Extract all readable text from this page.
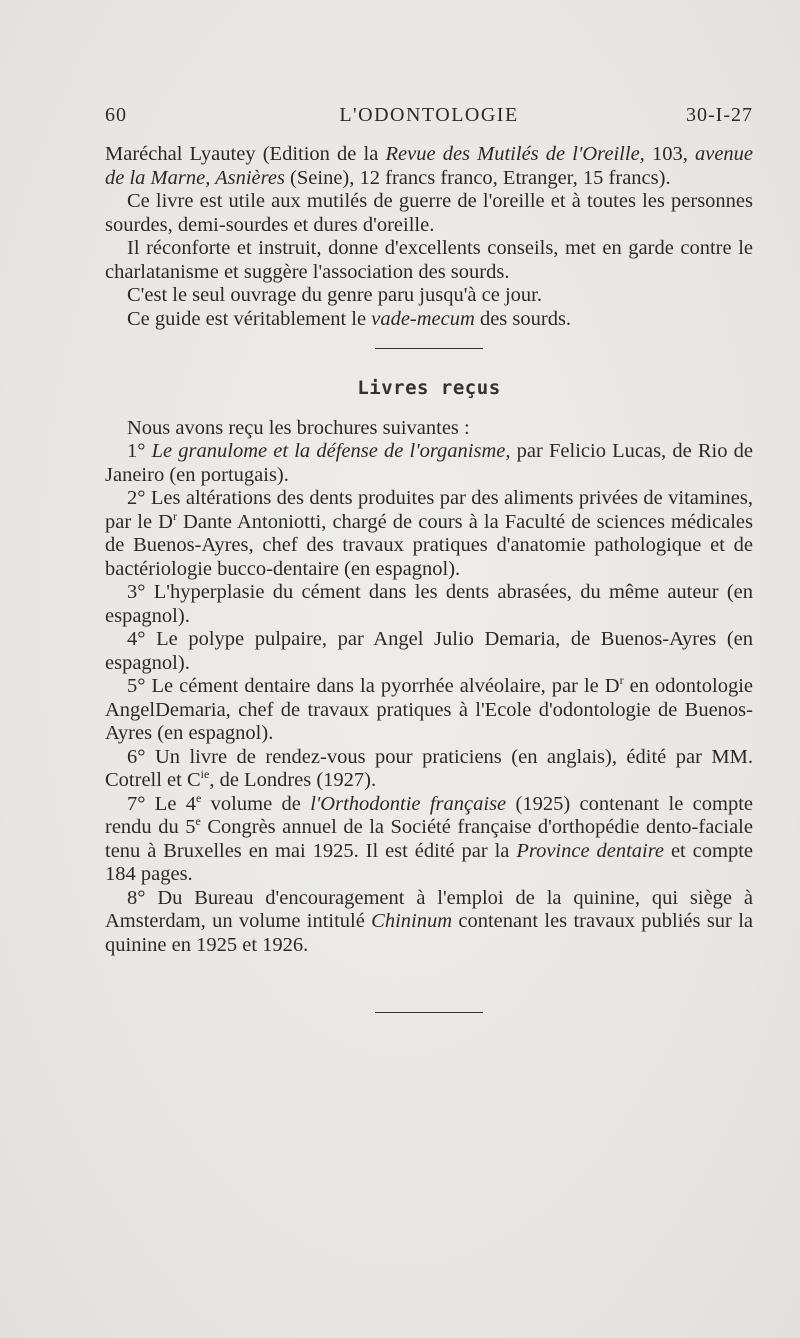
60	L'ODONTOLOGIE	30-I-27

Maréchal Lyautey (Edition de la Revue des Mutilés de l'Oreille, 103, avenue de la Marne, Asnières (Seine), 12 francs franco, Etranger, 15 francs).

Ce livre est utile aux mutilés de guerre de l'oreille et à toutes les personnes sourdes, demi-sourdes et dures d'oreille.

Il réconforte et instruit, donne d'excellents conseils, met en garde contre le charlatanisme et suggère l'association des sourds.

C'est le seul ouvrage du genre paru jusqu'à ce jour.

Ce guide est véritablement le vade-mecum des sourds.

Livres reçus

Nous avons reçu les brochures suivantes :

1° Le granulome et la défense de l'organisme, par Felicio Lucas, de Rio de Janeiro (en portugais).

2° Les altérations des dents produites par des aliments privées de vitamines, par le $D^r$ Dante Antoniotti, chargé de cours à la Faculté de sciences médicales de Buenos-Ayres, chef des travaux pratiques d'anatomie pathologique et de bactériologie bucco-dentaire (en espagnol).

3° L'hyperplasie du cément dans les dents abrasées, du même auteur (en espagnol).

4° Le polype pulpaire, par Angel Julio Demaria, de Buenos-Ayres (en espagnol).

5° Le cément dentaire dans la pyorrhée alvéolaire, par le $D^r$ en odontologie AngelDemaria, chef de travaux pratiques à l'Ecole d'odontologie de Buenos-Ayres (en espagnol).

6° Un livre de rendez-vous pour praticiens (en anglais), édité par MM. Cotrell et $C^{ie}$, de Londres (1927).

7° Le 4e volume de l'Orthodontie française (1925) contenant le compte rendu du 5e Congrès annuel de la Société française d'orthopédie dento-faciale tenu à Bruxelles en mai 1925. Il est édité par la Province dentaire et compte 184 pages.

8° Du Bureau d'encouragement à l'emploi de la quinine, qui siège à Amsterdam, un volume intitulé Chininum contenant les travaux publiés sur la quinine en 1925 et 1926.
